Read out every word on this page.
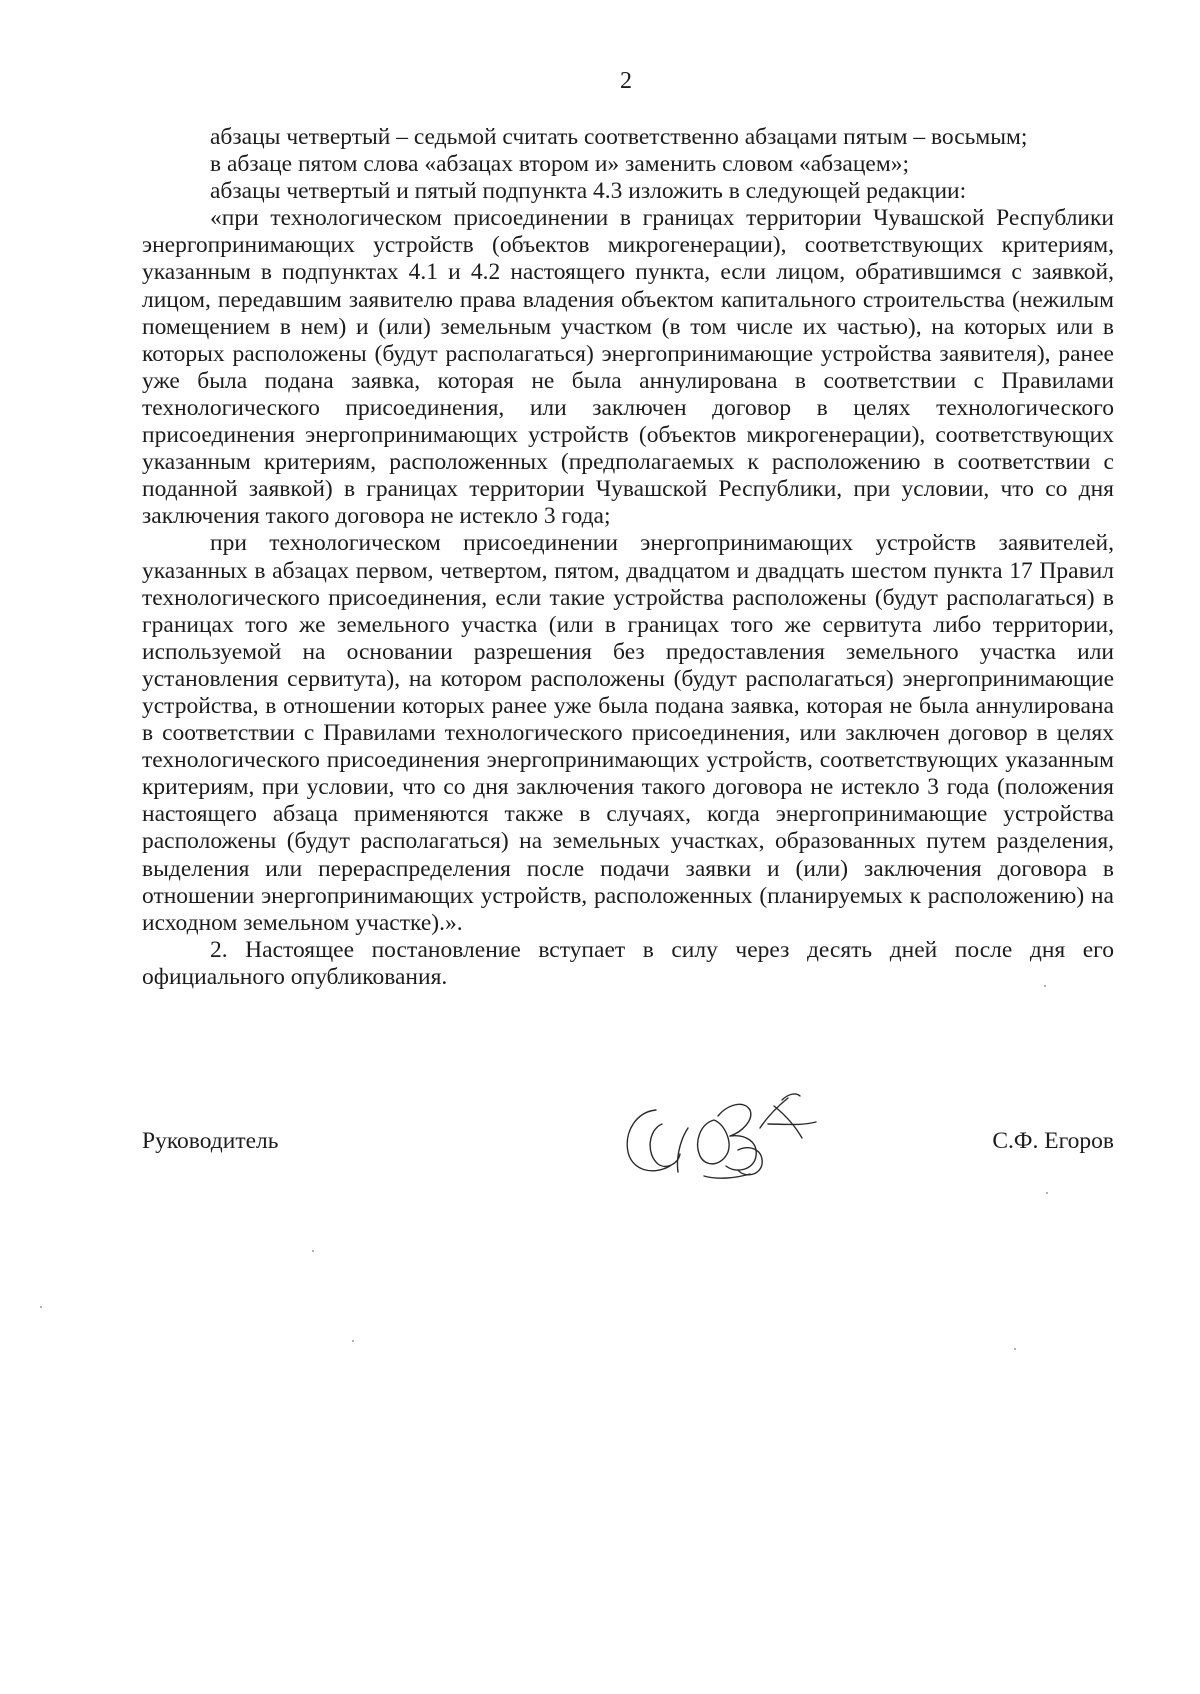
2

абзацы четвертый – седьмой считать соответственно абзацами пятым – восьмым;

в абзаце пятом слова «абзацах втором и» заменить словом «абзацем»;

абзацы четвертый и пятый подпункта 4.3 изложить в следующей редакции:

«при технологическом присоединении в границах территории Чувашской Республики энергопринимающих устройств (объектов микрогенерации), соответствующих критериям, указанным в подпунктах 4.1 и 4.2 настоящего пункта, если лицом, обратившимся с заявкой, лицом, передавшим заявителю права владения объектом капитального строительства (нежилым помещением в нем) и (или) земельным участком (в том числе их частью), на которых или в которых расположены (будут располагаться) энергопринимающие устройства заявителя), ранее уже была подана заявка, которая не была аннулирована в соответствии с Правилами технологического присоединения, или заключен договор в целях технологического присоединения энергопринимающих устройств (объектов микрогенерации), соответствующих указанным критериям, расположенных (предполагаемых к расположению в соответствии с поданной заявкой) в границах территории Чувашской Республики, при условии, что со дня заключения такого договора не истекло 3 года;

при технологическом присоединении энергопринимающих устройств заявителей, указанных в абзацах первом, четвертом, пятом, двадцатом и двадцать шестом пункта 17 Правил технологического присоединения, если такие устройства расположены (будут располагаться) в границах того же земельного участка (или в границах того же сервитута либо территории, используемой на основании разрешения без предоставления земельного участка или установления сервитута), на котором расположены (будут располагаться) энергопринимающие устройства, в отношении которых ранее уже была подана заявка, которая не была аннулирована в соответствии с Правилами технологического присоединения, или заключен договор в целях технологического присоединения энергопринимающих устройств, соответствующих указанным критериям, при условии, что со дня заключения такого договора не истекло 3 года (положения настоящего абзаца применяются также в случаях, когда энергопринимающие устройства расположены (будут располагаться) на земельных участках, образованных путем разделения, выделения или перераспределения после подачи заявки и (или) заключения договора в отношении энергопринимающих устройств, расположенных (планируемых к расположению) на исходном земельном участке).».

2. Настоящее постановление вступает в силу через десять дней после дня его официального опубликования.

Руководитель	С.Ф. Егоров
